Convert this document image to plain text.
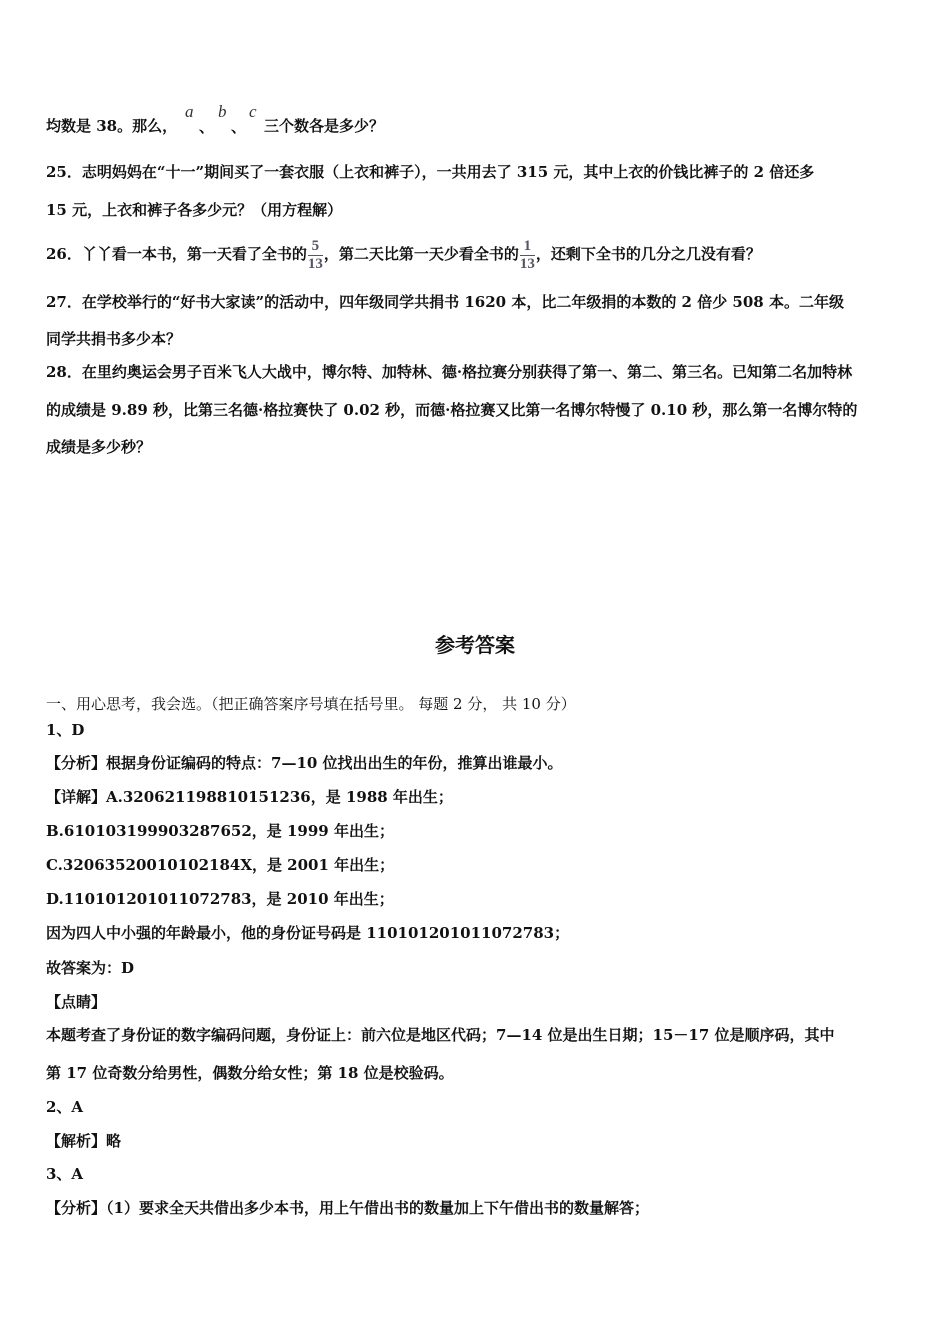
均数是 38。那么，
a
、
b
、
c
三个数各是多少？
25．志明妈妈在“十一”期间买了一套衣服（上衣和裤子），一共用去了 315 元，其中上衣的价钱比裤子的 2 倍还多
15 元，上衣和裤子各多少元？（用方程解）
26．丫丫看一本书，第一天看了全书的 $\frac{5}{13}$ ，第二天比第一天少看全书的 $\frac{1}{13}$ ，还剩下全书的几分之几没有看？
27．在学校举行的“好书大家读”的活动中，四年级同学共捐书 1620 本，比二年级捐的本数的 2 倍少 508 本。二年级
同学共捐书多少本？
28．在里约奥运会男子百米飞人大战中，博尔特、加特林、德·格拉赛分别获得了第一、第二、第三名。已知第二名加特林
的成绩是 9.89 秒，比第三名德·格拉赛快了 0.02 秒，而德·格拉赛又比第一名博尔特慢了 0.10 秒，那么第一名博尔特的
成绩是多少秒？
参考答案
一、用心思考，我会选。（把正确答案序号填在括号里。 每题 2 分， 共 10 分）
1、D
【分析】根据身份证编码的特点：7—10 位找出出生的年份，推算出谁最小。
【详解】A.320621198810151236，是 1988 年出生；
B.610103199903287652，是 1999 年出生；
C.32063520010102184X，是 2001 年出生；
D.110101201011072783，是 2010 年出生；
因为四人中小强的年龄最小，他的身份证号码是 110101201011072783；
故答案为：D
【点睛】
本题考查了身份证的数字编码问题，身份证上：前六位是地区代码；7—14 位是出生日期；15－17 位是顺序码，其中
第 17 位奇数分给男性，偶数分给女性；第 18 位是校验码。
2、A
【解析】略
3、A
【分析】（1）要求全天共借出多少本书，用上午借出书的数量加上下午借出书的数量解答；
